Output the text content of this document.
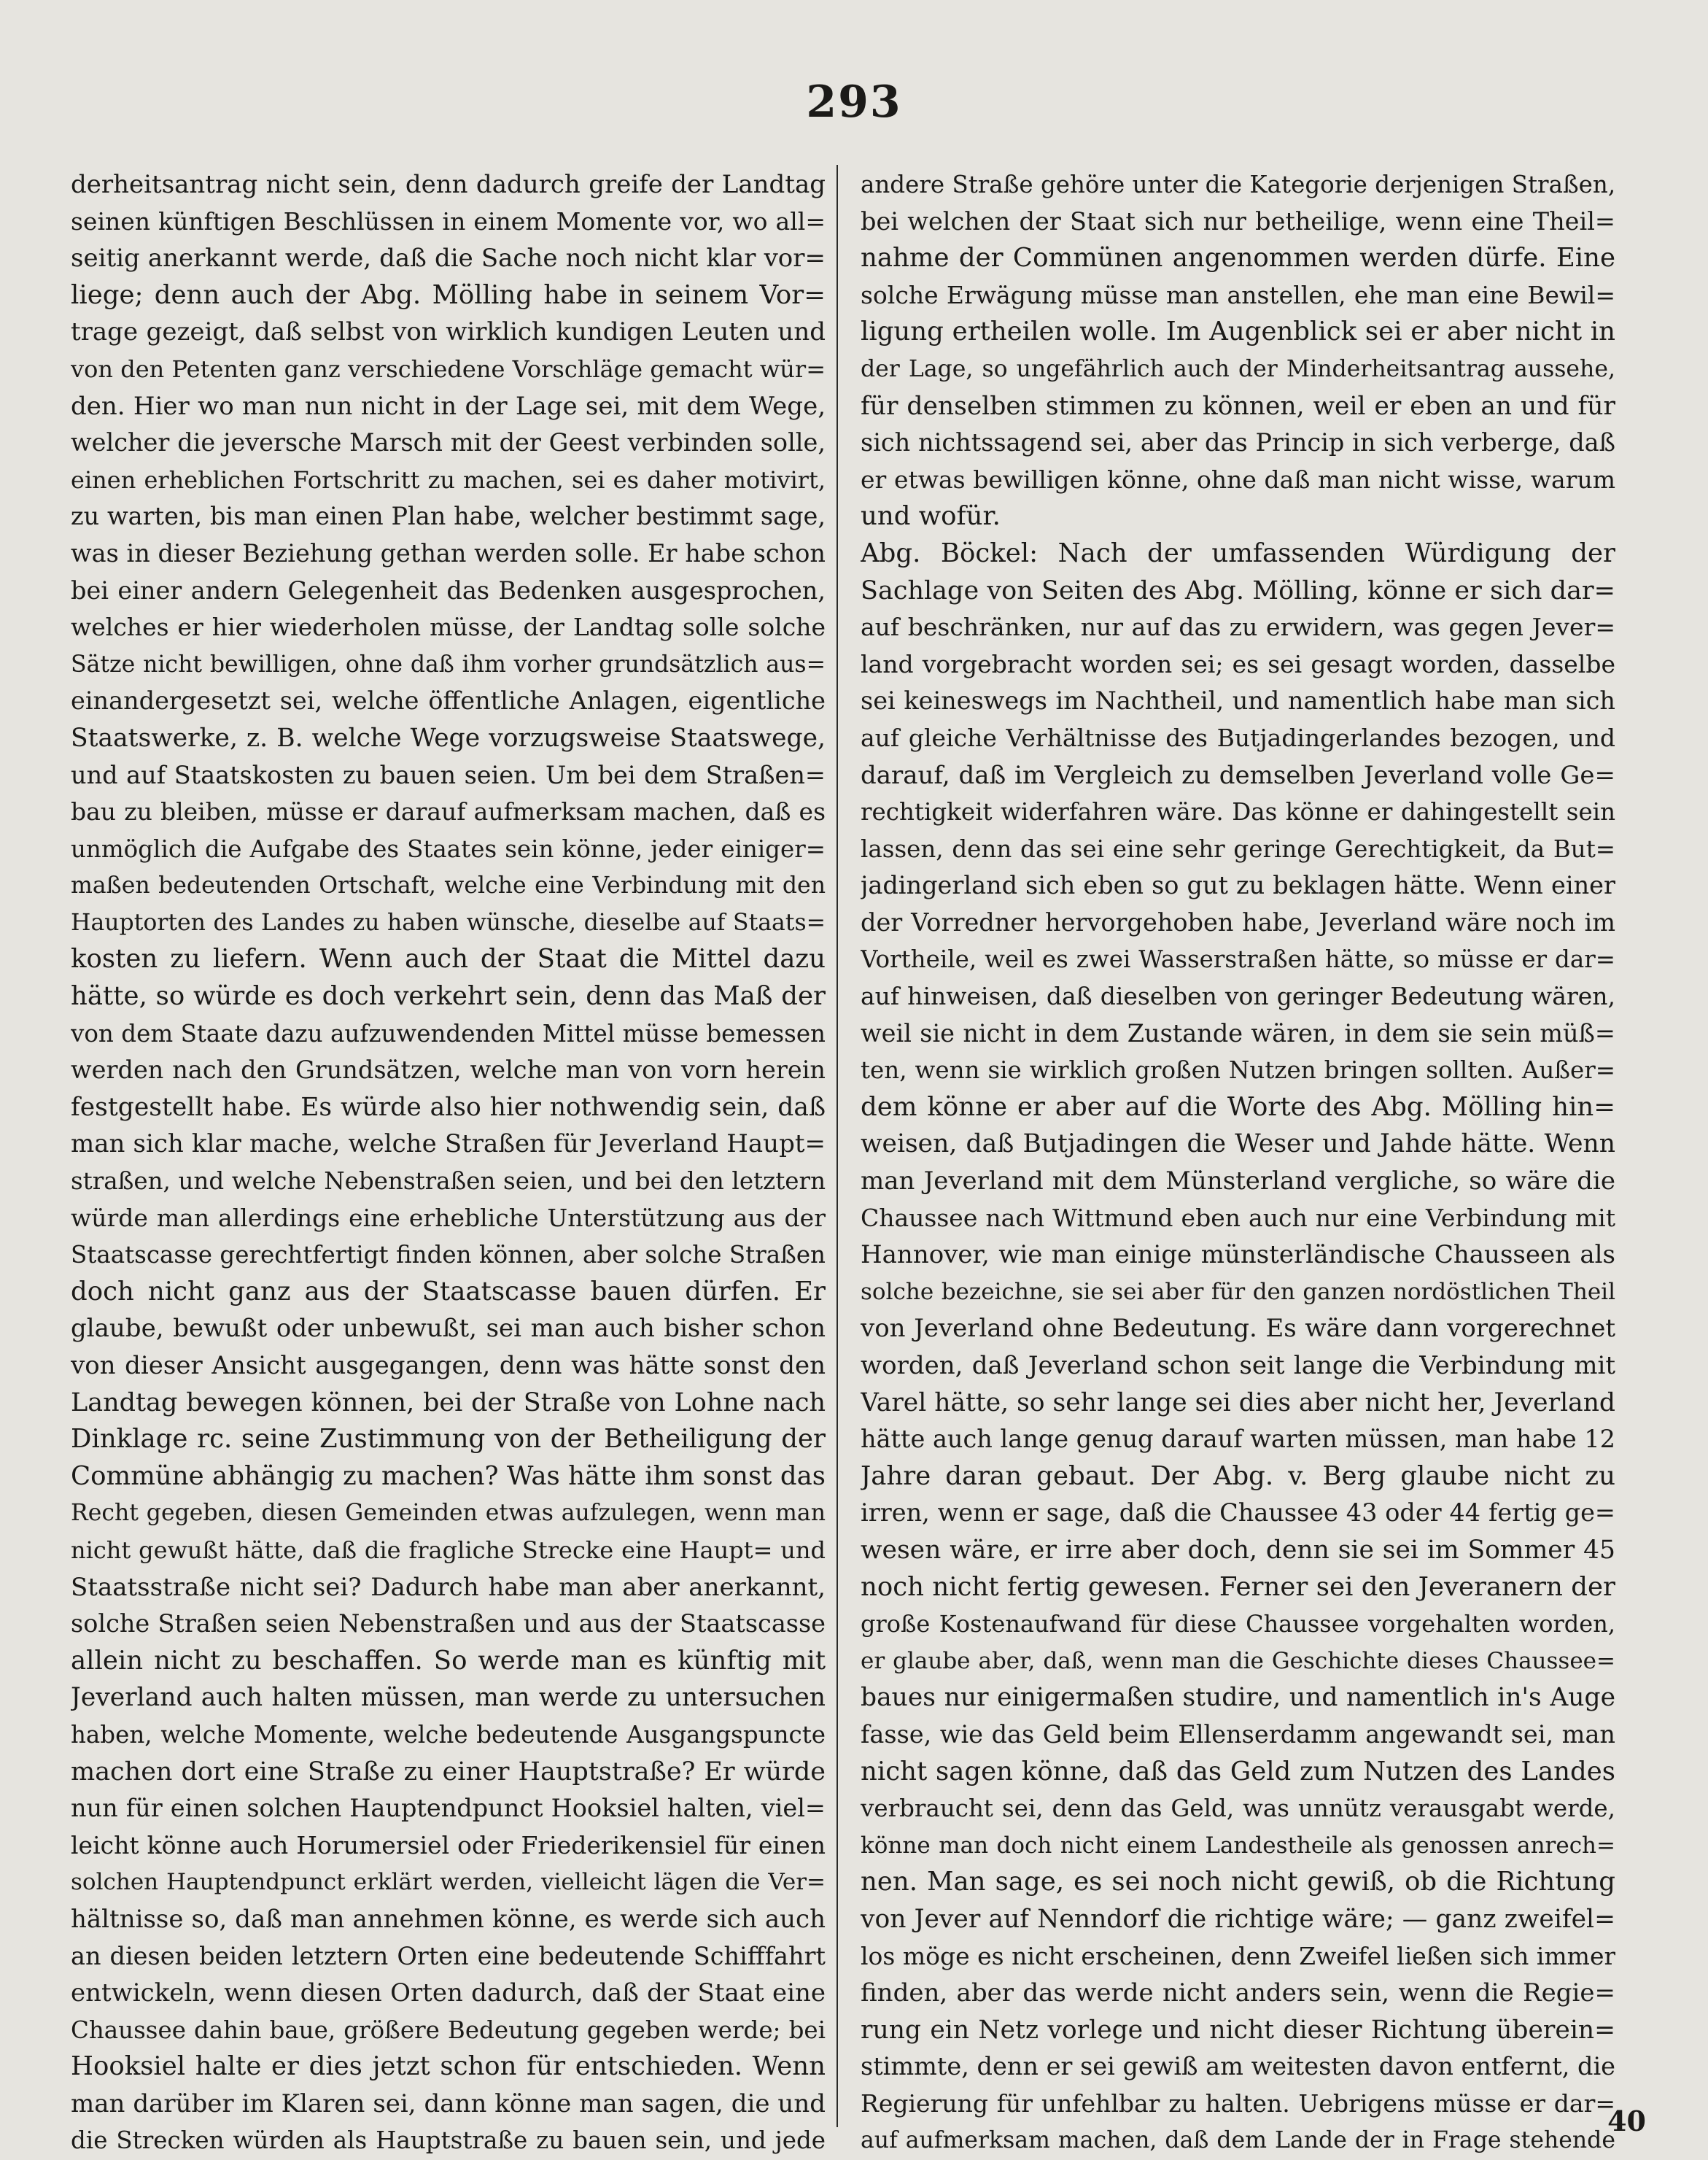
293
derheitsantrag nicht sein, denn dadurch greife der Landtag
seinen künftigen Beschlüssen in einem Momente vor, wo all=
seitig anerkannt werde, daß die Sache noch nicht klar vor=
liege; denn auch der Abg. Mölling habe in seinem Vor=
trage gezeigt, daß selbst von wirklich kundigen Leuten und
von den Petenten ganz verschiedene Vorschläge gemacht wür=
den. Hier wo man nun nicht in der Lage sei, mit dem Wege,
welcher die jeversche Marsch mit der Geest verbinden solle,
einen erheblichen Fortschritt zu machen, sei es daher motivirt,
zu warten, bis man einen Plan habe, welcher bestimmt sage,
was in dieser Beziehung gethan werden solle. Er habe schon
bei einer andern Gelegenheit das Bedenken ausgesprochen,
welches er hier wiederholen müsse, der Landtag solle solche
Sätze nicht bewilligen, ohne daß ihm vorher grundsätzlich aus=
einandergesetzt sei, welche öffentliche Anlagen, eigentliche
Staatswerke, z. B. welche Wege vorzugsweise Staatswege,
und auf Staatskosten zu bauen seien. Um bei dem Straßen=
bau zu bleiben, müsse er darauf aufmerksam machen, daß es
unmöglich die Aufgabe des Staates sein könne, jeder einiger=
maßen bedeutenden Ortschaft, welche eine Verbindung mit den
Hauptorten des Landes zu haben wünsche, dieselbe auf Staats=
kosten zu liefern. Wenn auch der Staat die Mittel dazu
hätte, so würde es doch verkehrt sein, denn das Maß der
von dem Staate dazu aufzuwendenden Mittel müsse bemessen
werden nach den Grundsätzen, welche man von vorn herein
festgestellt habe. Es würde also hier nothwendig sein, daß
man sich klar mache, welche Straßen für Jeverland Haupt=
straßen, und welche Nebenstraßen seien, und bei den letztern
würde man allerdings eine erhebliche Unterstützung aus der
Staatscasse gerechtfertigt finden können, aber solche Straßen
doch nicht ganz aus der Staatscasse bauen dürfen. Er
glaube, bewußt oder unbewußt, sei man auch bisher schon
von dieser Ansicht ausgegangen, denn was hätte sonst den
Landtag bewegen können, bei der Straße von Lohne nach
Dinklage rc. seine Zustimmung von der Betheiligung der
Commüne abhängig zu machen? Was hätte ihm sonst das
Recht gegeben, diesen Gemeinden etwas aufzulegen, wenn man
nicht gewußt hätte, daß die fragliche Strecke eine Haupt= und
Staatsstraße nicht sei? Dadurch habe man aber anerkannt,
solche Straßen seien Nebenstraßen und aus der Staatscasse
allein nicht zu beschaffen. So werde man es künftig mit
Jeverland auch halten müssen, man werde zu untersuchen
haben, welche Momente, welche bedeutende Ausgangspuncte
machen dort eine Straße zu einer Hauptstraße? Er würde
nun für einen solchen Hauptendpunct Hooksiel halten, viel=
leicht könne auch Horumersiel oder Friederikensiel für einen
solchen Hauptendpunct erklärt werden, vielleicht lägen die Ver=
hältnisse so, daß man annehmen könne, es werde sich auch
an diesen beiden letztern Orten eine bedeutende Schifffahrt
entwickeln, wenn diesen Orten dadurch, daß der Staat eine
Chaussee dahin baue, größere Bedeutung gegeben werde; bei
Hooksiel halte er dies jetzt schon für entschieden. Wenn
man darüber im Klaren sei, dann könne man sagen, die und
die Strecken würden als Hauptstraße zu bauen sein, und jede
andere Straße gehöre unter die Kategorie derjenigen Straßen,
bei welchen der Staat sich nur betheilige, wenn eine Theil=
nahme der Commünen angenommen werden dürfe. Eine
solche Erwägung müsse man anstellen, ehe man eine Bewil=
ligung ertheilen wolle. Im Augenblick sei er aber nicht in
der Lage, so ungefährlich auch der Minderheitsantrag aussehe,
für denselben stimmen zu können, weil er eben an und für
sich nichtssagend sei, aber das Princip in sich verberge, daß
er etwas bewilligen könne, ohne daß man nicht wisse, warum
und wofür.
Abg. Böckel: Nach der umfassenden Würdigung der
Sachlage von Seiten des Abg. Mölling, könne er sich dar=
auf beschränken, nur auf das zu erwidern, was gegen Jever=
land vorgebracht worden sei; es sei gesagt worden, dasselbe
sei keineswegs im Nachtheil, und namentlich habe man sich
auf gleiche Verhältnisse des Butjadingerlandes bezogen, und
darauf, daß im Vergleich zu demselben Jeverland volle Ge=
rechtigkeit widerfahren wäre. Das könne er dahingestellt sein
lassen, denn das sei eine sehr geringe Gerechtigkeit, da But=
jadingerland sich eben so gut zu beklagen hätte. Wenn einer
der Vorredner hervorgehoben habe, Jeverland wäre noch im
Vortheile, weil es zwei Wasserstraßen hätte, so müsse er dar=
auf hinweisen, daß dieselben von geringer Bedeutung wären,
weil sie nicht in dem Zustande wären, in dem sie sein müß=
ten, wenn sie wirklich großen Nutzen bringen sollten. Außer=
dem könne er aber auf die Worte des Abg. Mölling hin=
weisen, daß Butjadingen die Weser und Jahde hätte. Wenn
man Jeverland mit dem Münsterland vergliche, so wäre die
Chaussee nach Wittmund eben auch nur eine Verbindung mit
Hannover, wie man einige münsterländische Chausseen als
solche bezeichne, sie sei aber für den ganzen nordöstlichen Theil
von Jeverland ohne Bedeutung. Es wäre dann vorgerechnet
worden, daß Jeverland schon seit lange die Verbindung mit
Varel hätte, so sehr lange sei dies aber nicht her, Jeverland
hätte auch lange genug darauf warten müssen, man habe 12
Jahre daran gebaut. Der Abg. v. Berg glaube nicht zu
irren, wenn er sage, daß die Chaussee 43 oder 44 fertig ge=
wesen wäre, er irre aber doch, denn sie sei im Sommer 45
noch nicht fertig gewesen. Ferner sei den Jeveranern der
große Kostenaufwand für diese Chaussee vorgehalten worden,
er glaube aber, daß, wenn man die Geschichte dieses Chaussee=
baues nur einigermaßen studire, und namentlich in's Auge
fasse, wie das Geld beim Ellenserdamm angewandt sei, man
nicht sagen könne, daß das Geld zum Nutzen des Landes
verbraucht sei, denn das Geld, was unnütz verausgabt werde,
könne man doch nicht einem Landestheile als genossen anrech=
nen. Man sage, es sei noch nicht gewiß, ob die Richtung
von Jever auf Nenndorf die richtige wäre; — ganz zweifel=
los möge es nicht erscheinen, denn Zweifel ließen sich immer
finden, aber das werde nicht anders sein, wenn die Regie=
rung ein Netz vorlege und nicht dieser Richtung überein=
stimmte, denn er sei gewiß am weitesten davon entfernt, die
Regierung für unfehlbar zu halten. Uebrigens müsse er dar=
auf aufmerksam machen, daß dem Lande der in Frage stehende
40
